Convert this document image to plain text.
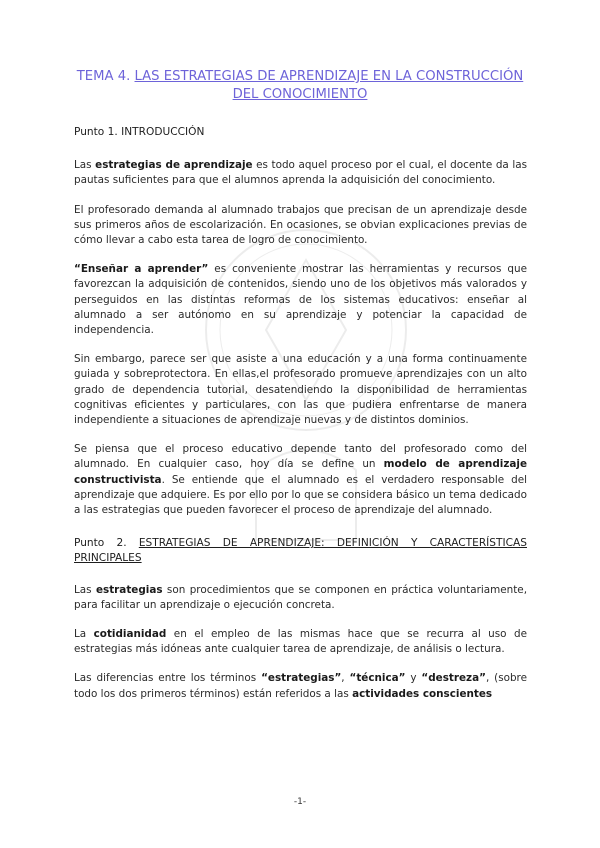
TEMA 4. LAS ESTRATEGIAS DE APRENDIZAJE EN LA CONSTRUCCIÓN DEL CONOCIMIENTO
Punto 1. INTRODUCCIÓN
Las estrategias de aprendizaje es todo aquel proceso por el cual, el docente da las pautas suficientes para que el alumnos aprenda la adquisición del conocimiento.
El profesorado demanda al alumnado trabajos que precisan de un aprendizaje desde sus primeros años de escolarización. En ocasiones, se obvian explicaciones previas de cómo llevar a cabo esta tarea de logro de conocimiento.
“Enseñar a aprender” es conveniente mostrar las herramientas y recursos que favorezcan la adquisición de contenidos, siendo uno de los objetivos más valorados y perseguidos en las distintas reformas de los sistemas educativos: enseñar al alumnado a ser autónomo en su aprendizaje y potenciar la capacidad de independencia.
Sin embargo, parece ser que asiste a una educación y a una forma continuamente guiada y sobreprotectora. En ellas,el profesorado promueve aprendizajes con un alto grado de dependencia tutorial, desatendiendo la disponibilidad de herramientas cognitivas eficientes y particulares, con las que pudiera enfrentarse de manera independiente a situaciones de aprendizaje nuevas y de distintos dominios.
Se piensa que el proceso educativo depende tanto del profesorado como del alumnado. En cualquier caso, hoy día se define un modelo de aprendizaje constructivista. Se entiende que el alumnado es el verdadero responsable del aprendizaje que adquiere. Es por ello por lo que se considera básico un tema dedicado a las estrategias que pueden favorecer el proceso de aprendizaje del alumnado.
Punto 2. ESTRATEGIAS DE APRENDIZAJE: DEFINICIÓN Y CARACTERÍSTICAS PRINCIPALES
Las estrategias son procedimientos que se componen en práctica voluntariamente, para facilitar un aprendizaje o ejecución concreta.
La cotidianidad en el empleo de las mismas hace que se recurra al uso de estrategias más idóneas ante cualquier tarea de aprendizaje, de análisis o lectura.
Las diferencias entre los términos “estrategias”, “técnica” y “destreza”, (sobre todo los dos primeros términos) están referidos a las actividades conscientes
-1-
